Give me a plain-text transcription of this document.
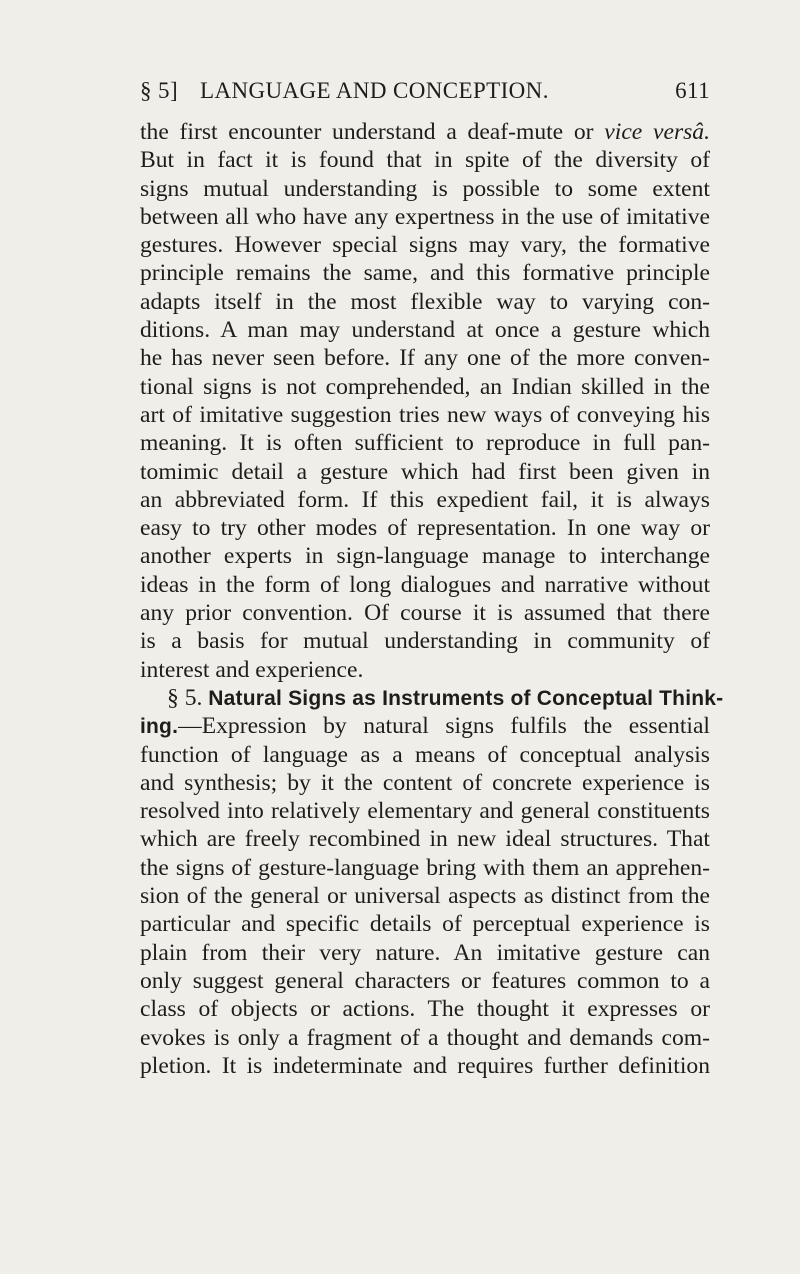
§ 5] LANGUAGE AND CONCEPTION.	611
the first encounter understand a deaf-mute or vice versâ.
But in fact it is found that in spite of the diversity of
signs mutual understanding is possible to some extent
between all who have any expertness in the use of imitative
gestures. However special signs may vary, the formative
principle remains the same, and this formative principle
adapts itself in the most flexible way to varying con-
ditions. A man may understand at once a gesture which
he has never seen before. If any one of the more conven-
tional signs is not comprehended, an Indian skilled in the
art of imitative suggestion tries new ways of conveying his
meaning. It is often sufficient to reproduce in full pan-
tomimic detail a gesture which had first been given in
an abbreviated form. If this expedient fail, it is always
easy to try other modes of representation. In one way or
another experts in sign-language manage to interchange
ideas in the form of long dialogues and narrative without
any prior convention. Of course it is assumed that there
is a basis for mutual understanding in community of
interest and experience.
§ 5. Natural Signs as Instruments of Conceptual Think-
ing.—Expression by natural signs fulfils the essential
function of language as a means of conceptual analysis
and synthesis; by it the content of concrete experience is
resolved into relatively elementary and general constituents
which are freely recombined in new ideal structures. That
the signs of gesture-language bring with them an apprehen-
sion of the general or universal aspects as distinct from the
particular and specific details of perceptual experience is
plain from their very nature. An imitative gesture can
only suggest general characters or features common to a
class of objects or actions. The thought it expresses or
evokes is only a fragment of a thought and demands com-
pletion. It is indeterminate and requires further definition
